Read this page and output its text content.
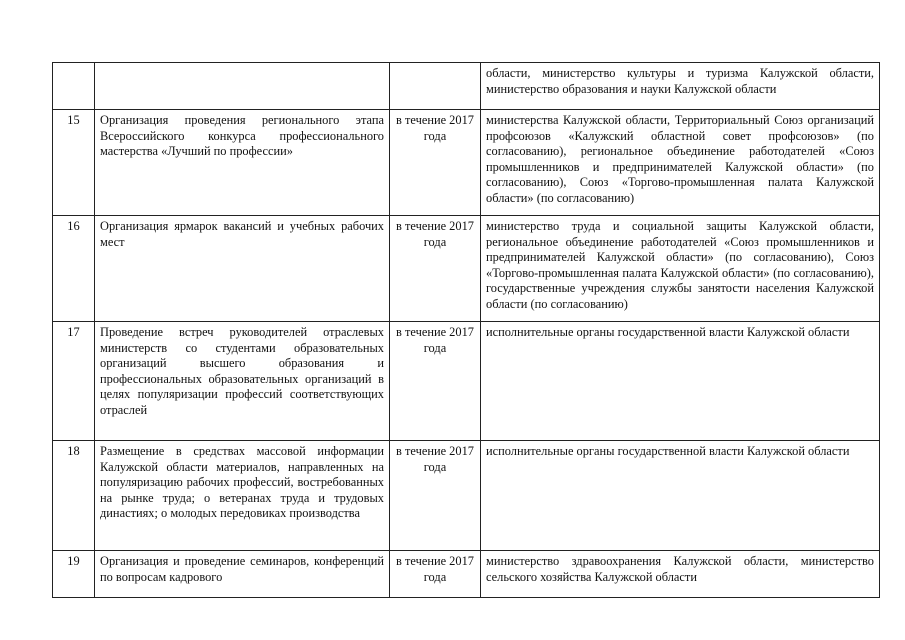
			области, министерство культуры и туризма Калужской области, министерство образования и науки Калужской области
15	Организация проведения регионального этапа Всероссийского конкурса профессионального мастерства «Лучший по профессии»	в течение 2017 года	министерства Калужской области, Территориальный Союз организаций профсоюзов «Калужский областной совет профсоюзов» (по согласованию), региональное объединение работодателей «Союз промышленников и предпринимателей Калужской области» (по согласованию), Союз «Торгово-промышленная палата Калужской области» (по согласованию)
16	Организация ярмарок вакансий и учебных рабочих мест	в течение 2017 года	министерство труда и социальной защиты Калужской области, региональное объединение работодателей «Союз промышленников и предпринимателей Калужской области» (по согласованию), Союз «Торгово-промышленная палата Калужской области» (по согласованию), государственные учреждения службы занятости населения Калужской области (по согласованию)
17	Проведение встреч руководителей отраслевых министерств со студентами образовательных организаций высшего образования и профессиональных образовательных организаций в целях популяризации профессий соответствующих отраслей	в течение 2017 года	исполнительные органы государственной власти Калужской области
18	Размещение в средствах массовой информации Калужской области материалов, направленных на популяризацию рабочих профессий, востребованных на рынке труда; о ветеранах труда и трудовых династиях; о молодых передовиках производства	в течение 2017 года	исполнительные органы государственной власти Калужской области
19	Организация и проведение семинаров, конференций по вопросам кадрового	в течение 2017 года	министерство здравоохранения Калужской области, министерство сельского хозяйства Калужской области
